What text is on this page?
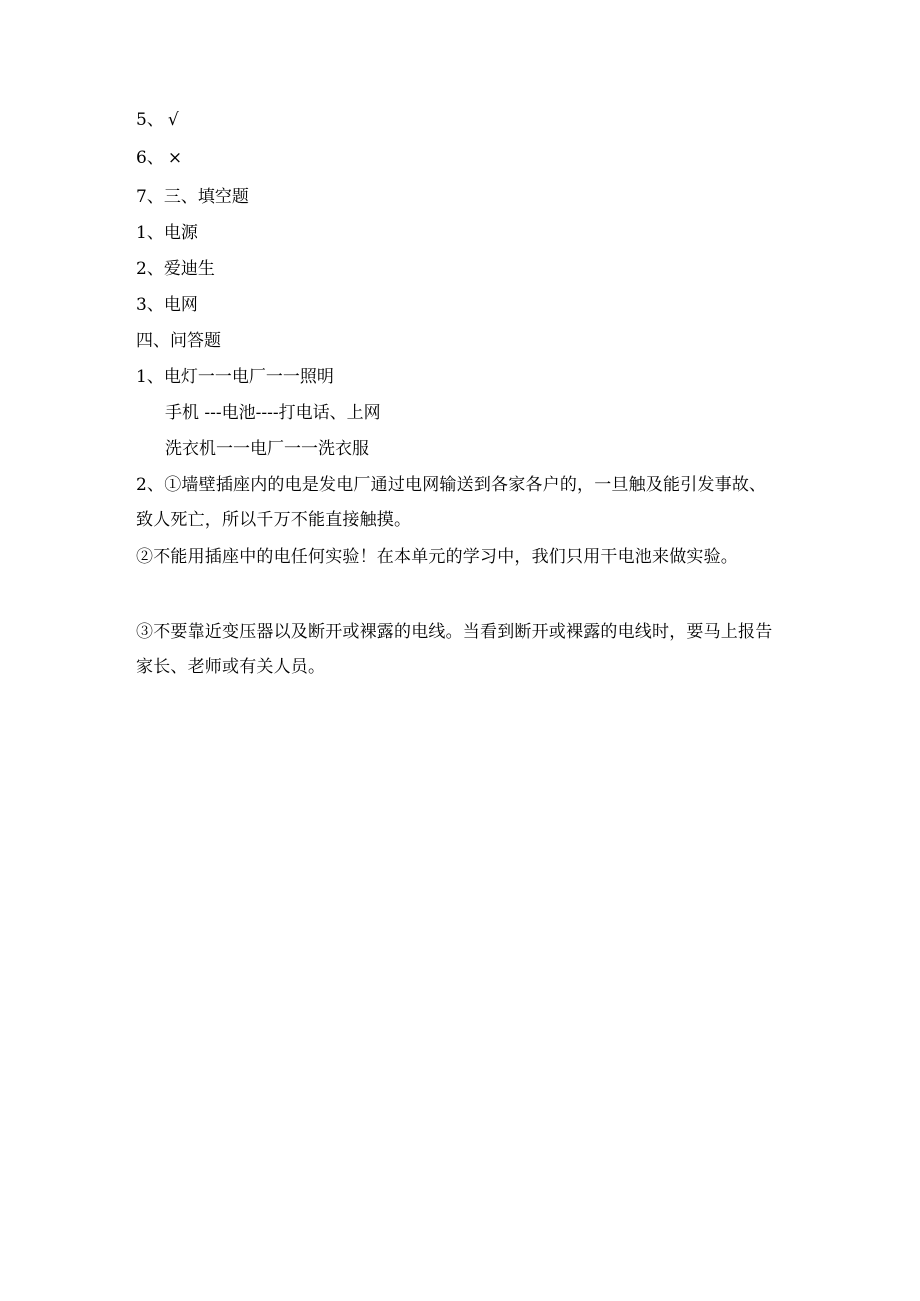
5、 √
6、 ×
7、三、填空题
1、电源
2、爱迪生
3、电网
四、问答题
1、电灯一一电厂一一照明
手机 ---电池----打电话、上网
洗衣机一一电厂一一洗衣服
2、①墙壁插座内的电是发电厂通过电网输送到各家各户的，一旦触及能引发事故、致人死亡，所以千万不能直接触摸。
②不能用插座中的电任何实验！在本单元的学习中，我们只用干电池来做实验。
③不要靠近变压器以及断开或裸露的电线。当看到断开或裸露的电线时，要马上报告家长、老师或有关人员。
